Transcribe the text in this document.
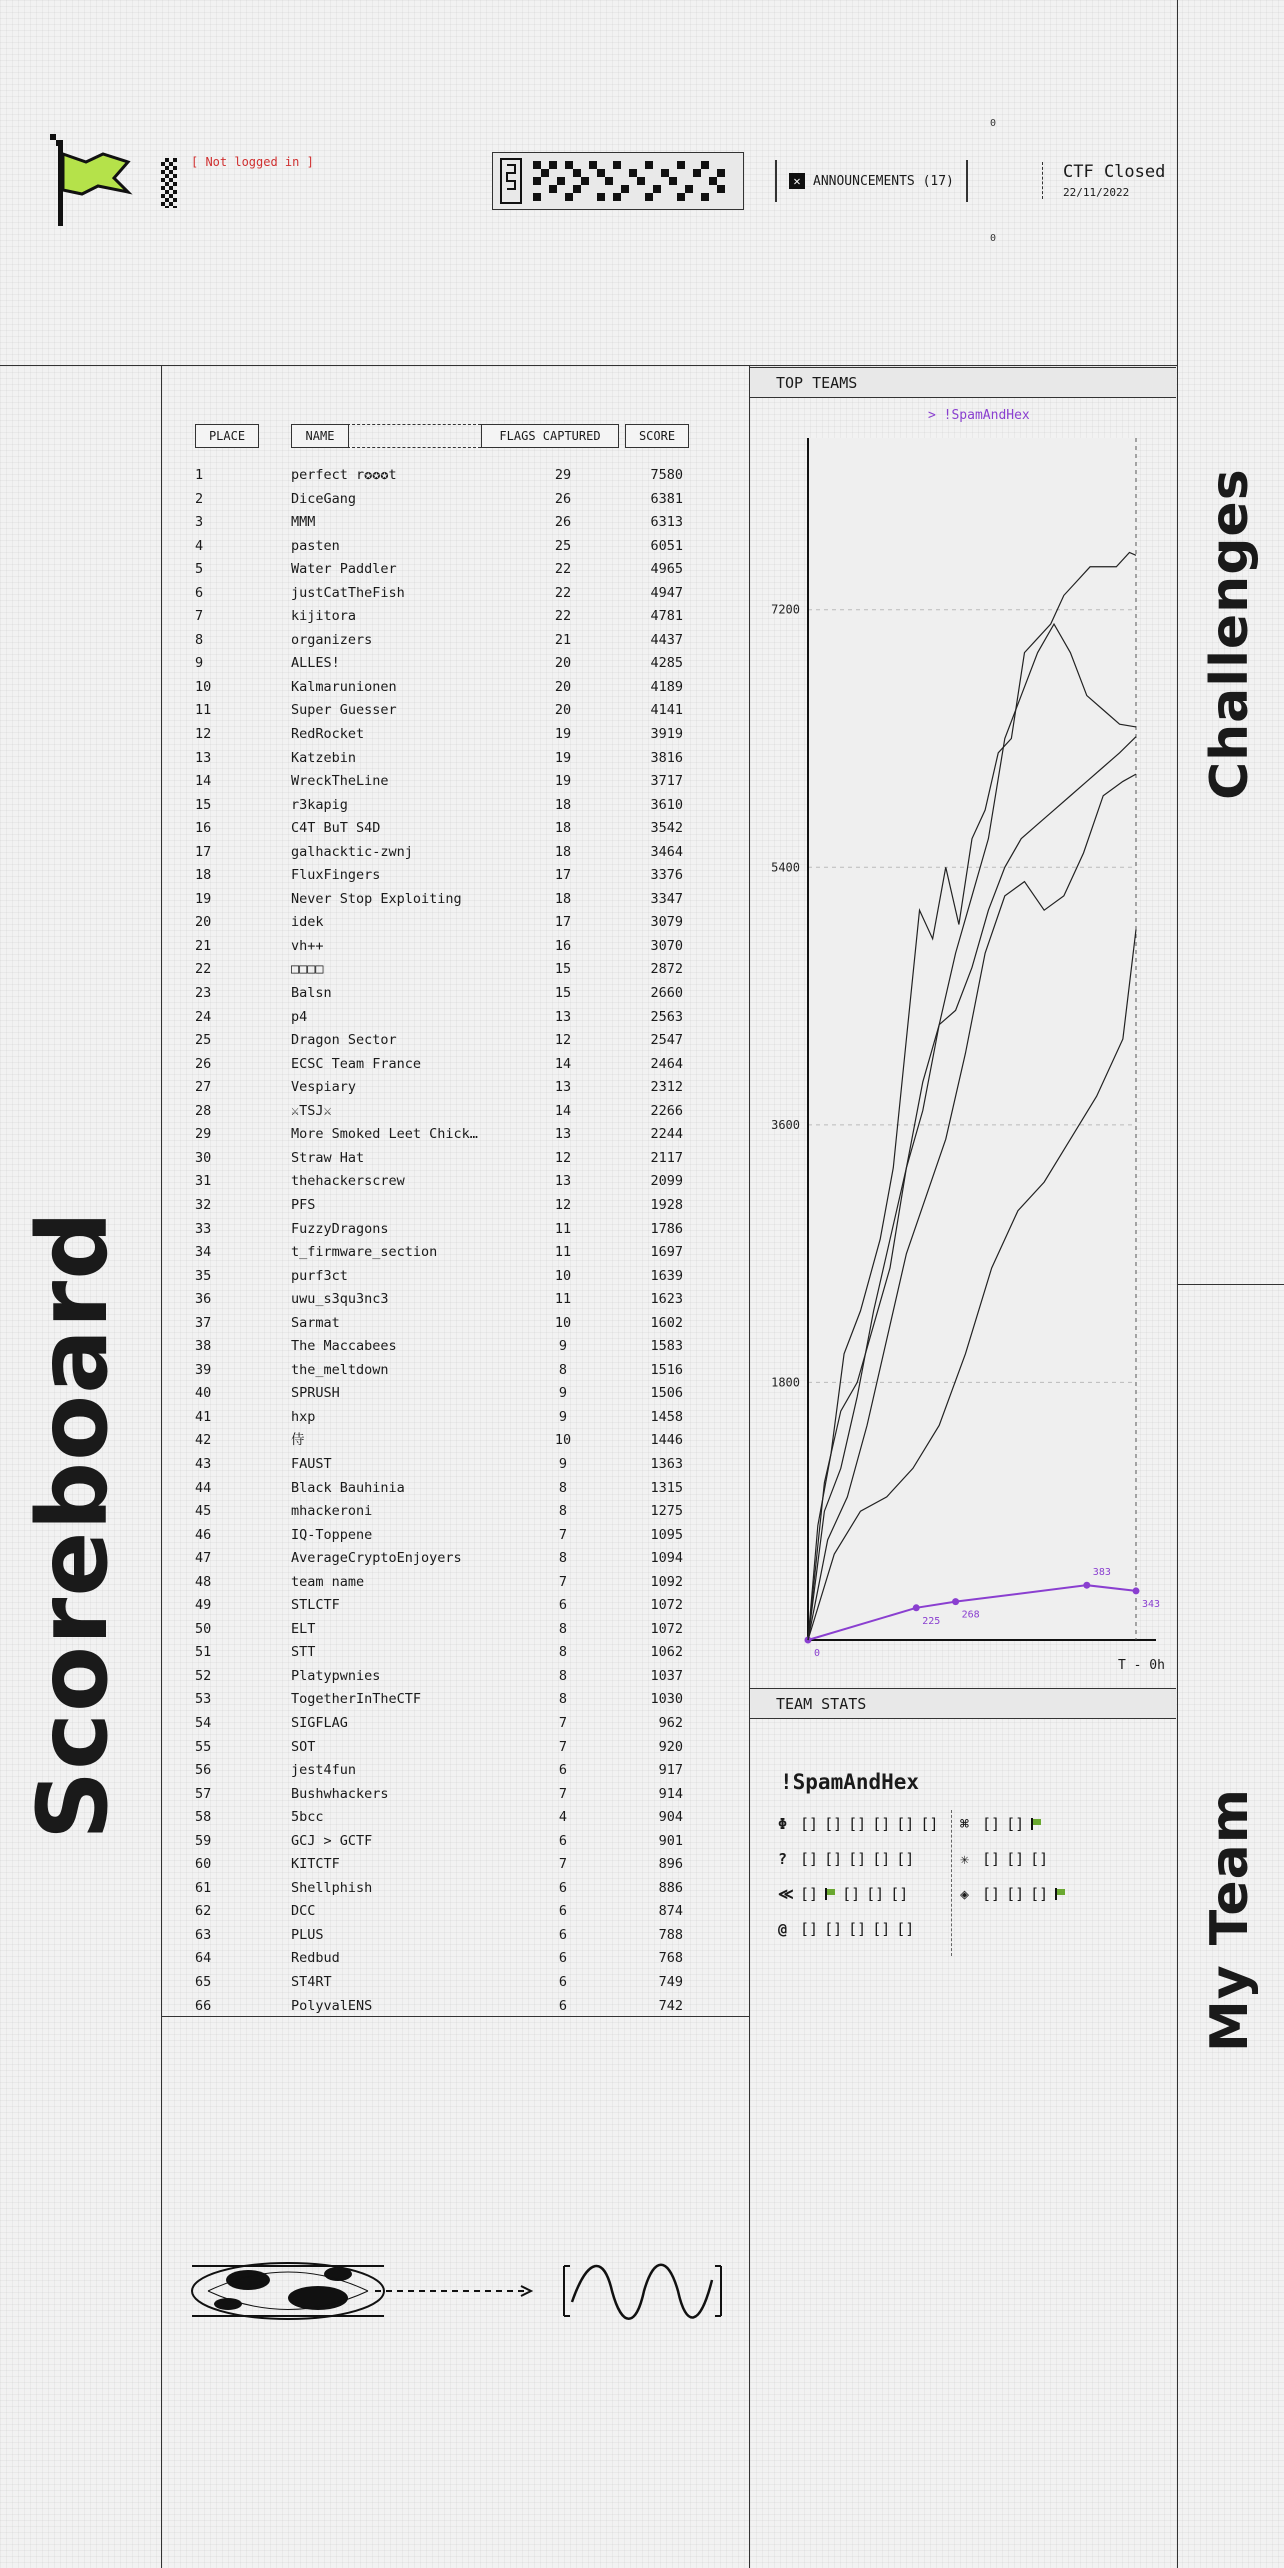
[ Not logged in ]
✕ ANNOUNCEMENTS (17)
0
0
CTF Closed
22/11/2022
Scoreboard
Challenges
My Team
PLACE	NAME	FLAGS CAPTURED	SCORE
1	perfect r✪✪✪t	29	7580
2	DiceGang	26	6381
3	MMM	26	6313
4	pasten	25	6051
5	Water Paddler	22	4965
6	justCatTheFish	22	4947
7	kijitora	22	4781
8	organizers	21	4437
9	ALLES!	20	4285
10	Kalmarunionen	20	4189
11	Super Guesser	20	4141
12	RedRocket	19	3919
13	Katzebin	19	3816
14	WreckTheLine	19	3717
15	r3kapig	18	3610
16	C4T BuT S4D	18	3542
17	galhacktic-zwnj	18	3464
18	FluxFingers	17	3376
19	Never Stop Exploiting	18	3347
20	idek	17	3079
21	vh++	16	3070
22	□□□□	15	2872
23	Balsn	15	2660
24	p4	13	2563
25	Dragon Sector	12	2547
26	ECSC Team France	14	2464
27	Vespiary	13	2312
28	⚔TSJ⚔	14	2266
29	More Smoked Leet Chick…	13	2244
30	Straw Hat	12	2117
31	thehackerscrew	13	2099
32	PFS	12	1928
33	FuzzyDragons	11	1786
34	t_firmware_section	11	1697
35	purf3ct	10	1639
36	uwu_s3qu3nc3	11	1623
37	Sarmat	10	1602
38	The Maccabees	9	1583
39	the_meltdown	8	1516
40	SPRUSH	9	1506
41	hxp	9	1458
42	侍	10	1446
43	FAUST	9	1363
44	Black Bauhinia	8	1315
45	mhackeroni	8	1275
46	IQ-Toppene	7	1095
47	AverageCryptoEnjoyers	8	1094
48	team name	7	1092
49	STLCTF	6	1072
50	ELT	8	1072
51	STT	8	1062
52	Platypwnies	8	1037
53	TogetherInTheCTF	8	1030
54	SIGFLAG	7	962
55	SOT	7	920
56	jest4fun	6	917
57	Bushwhackers	7	914
58	5bcc	4	904
59	GCJ > GCTF	6	901
60	KITCTF	7	896
61	Shellphish	6	886
62	DCC	6	874
63	PLUS	6	788
64	Redbud	6	768
65	ST4RT	6	749
66	PolyvalENS	6	742
TOP TEAMS
1800
3600
5400
7200
0
225
268
383
343
> !SpamAndHex
T - 0h
TEAM STATS
!SpamAndHex
Φ [] [] [] [] [] []
? [] [] [] [] []
≪ [] [] [] []
@ [] [] [] [] []
⌘ [] []
✳ [] [] []
◈ [] [] []
